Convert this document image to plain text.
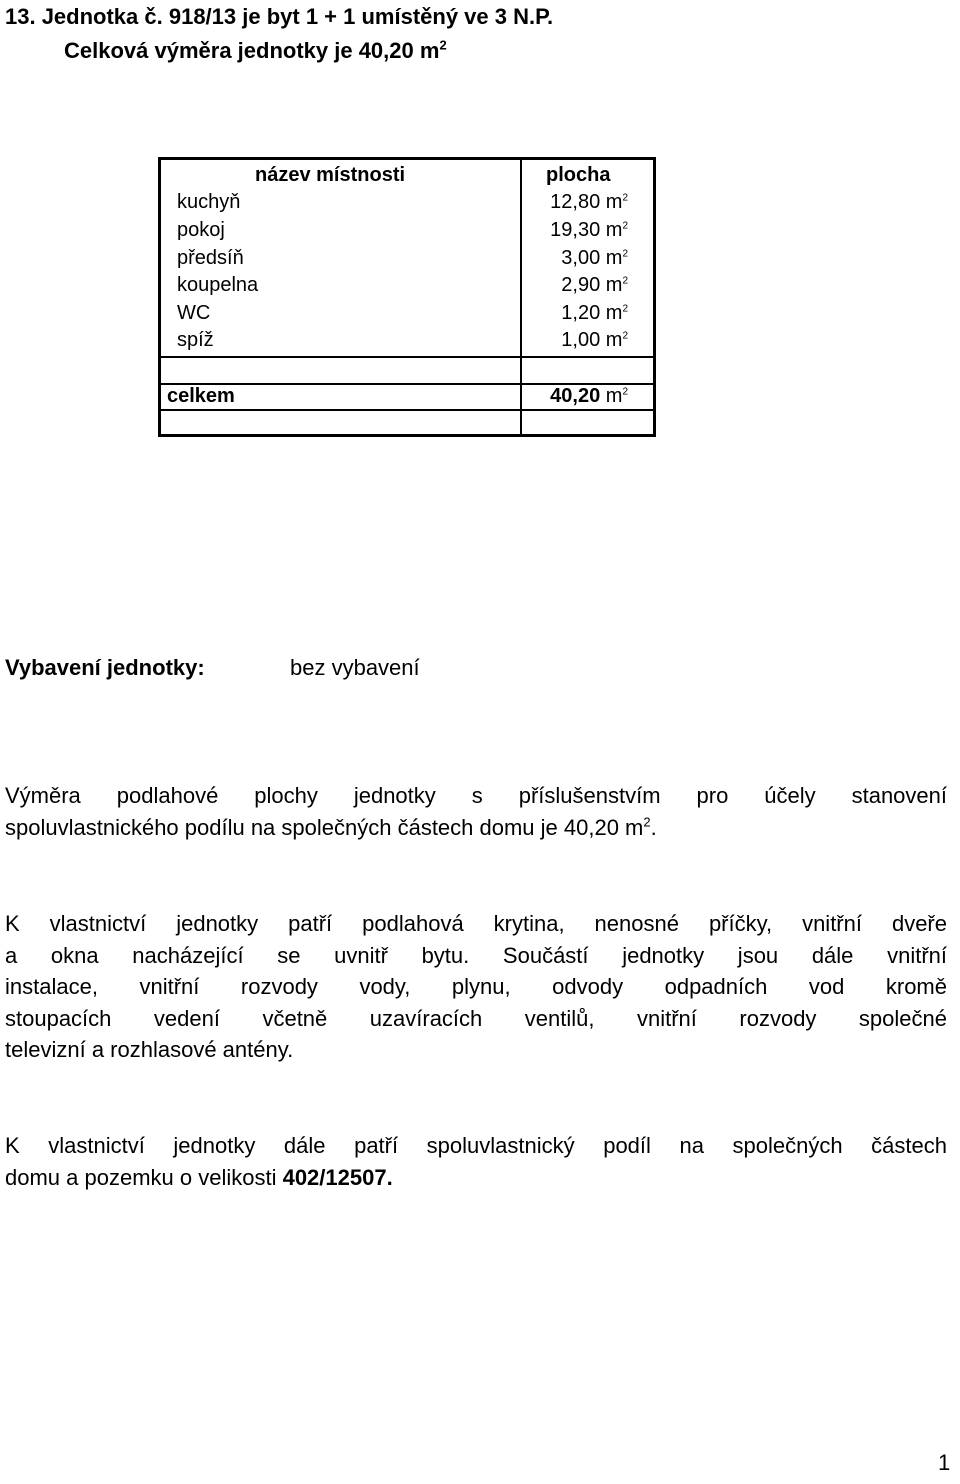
13. Jednotka č. 918/13 je byt 1 + 1 umístěný ve 3 N.P.
Celková výměra jednotky je 40,20 $m^2$
název místnosti	plocha
kuchyň	12,80 $m^2$
pokoj	19,30 $m^2$
předsíň	3,00 $m^2$
koupelna	2,90 $m^2$
WC	1,20 $m^2$
spíž	1,00 $m^2$
celkem	40,20 $m^2$
Vybavení jednotky:	bez vybavení
Výměra podlahové plochy jednotky s příslušenstvím pro účely stanovení
spoluvlastnického podílu na společných částech domu je 40,20 $m^2$.
K vlastnictví jednotky patří podlahová krytina, nenosné příčky, vnitřní dveře
a okna nacházející se uvnitř bytu. Součástí jednotky jsou dále vnitřní
instalace, vnitřní rozvody vody, plynu, odvody odpadních vod kromě
stoupacích vedení včetně uzavíracích ventilů, vnitřní rozvody společné
televizní a rozhlasové antény.
K vlastnictví jednotky dále patří spoluvlastnický podíl na společných částech
domu a pozemku o velikosti 402/12507.
1
